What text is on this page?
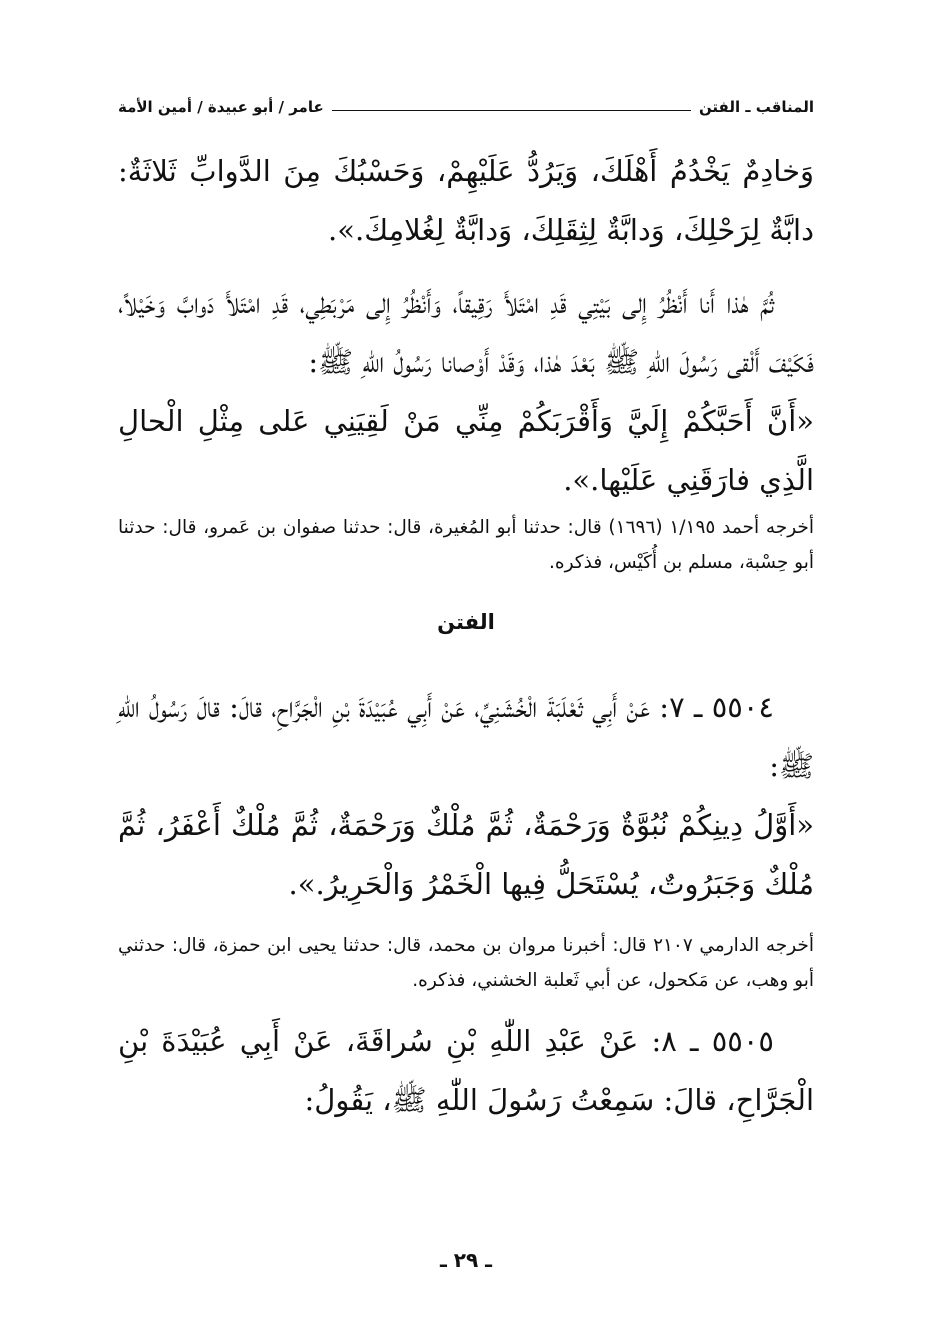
المناقب ـ الفتن
عامر / أبو عبيدة / أمين الأمة

وَخادِمٌ يَخْدُمُ أَهْلَكَ، وَيَرُدُّ عَلَيْهِمْ، وَحَسْبُكَ مِنَ الدَّوابِّ ثَلاثَةٌ: دابَّةٌ لِرَحْلِكَ، وَدابَّةٌ لِثِقَلِكَ، وَدابَّةٌ لِغُلامِكَ.».

ثُمَّ هٰذا أَنا أَنْظُرُ إِلى بَيْتِي قَدِ امْتَلأَ رَقِيقاً، وَأَنْظُرُ إِلى مَرْبَطِي، قَدِ امْتَلأَ دَوابَّ وَخَيْلاً، فَكَيْفَ أَلْقى رَسُولَ اللّٰهِ ﷺ بَعْدَ هٰذا، وَقَدْ أَوْصانا رَسُولُ اللّٰهِ ﷺ:

«أَنَّ أَحَبَّكُمْ إِلَيَّ وَأَقْرَبَكُمْ مِنِّي مَنْ لَقِيَنِي عَلى مِثْلِ الْحالِ الَّذِي فارَقَنِي عَلَيْها.».

أخرجه أحمد ١/١٩٥ (١٦٩٦) قال: حدثنا أبو المُغيرة، قال: حدثنا صفوان بن عَمرو، قال: حدثنا أبو حِسْبة، مسلم بن أُكَيْس، فذكره.

الفتن

٥٥٠٤ ـ ٧: عَنْ أَبِي ثَعْلَبَةَ الْخُشَنِيِّ، عَنْ أَبِي عُبَيْدَةَ بْنِ الْجَرَّاحِ، قالَ: قالَ رَسُولُ اللّٰهِ ﷺ:

«أَوَّلُ دِينِكُمْ نُبُوَّةٌ وَرَحْمَةٌ، ثُمَّ مُلْكٌ وَرَحْمَةٌ، ثُمَّ مُلْكٌ أَعْفَرُ، ثُمَّ مُلْكٌ وَجَبَرُوتٌ، يُسْتَحَلُّ فِيها الْخَمْرُ وَالْحَرِيرُ.».

أخرجه الدارمي ٢١٠٧ قال: أخبرنا مروان بن محمد، قال: حدثنا يحيى ابن حمزة، قال: حدثني أبو وهب، عن مَكحول، عن أبي ثَعلبة الخشني، فذكره.

٥٥٠٥ ـ ٨: عَنْ عَبْدِ اللّٰهِ بْنِ سُراقَةَ، عَنْ أَبِي عُبَيْدَةَ بْنِ الْجَرَّاحِ، قالَ: سَمِعْتُ رَسُولَ اللّٰهِ ﷺ، يَقُولُ:

ـ ٢٩ ـ
